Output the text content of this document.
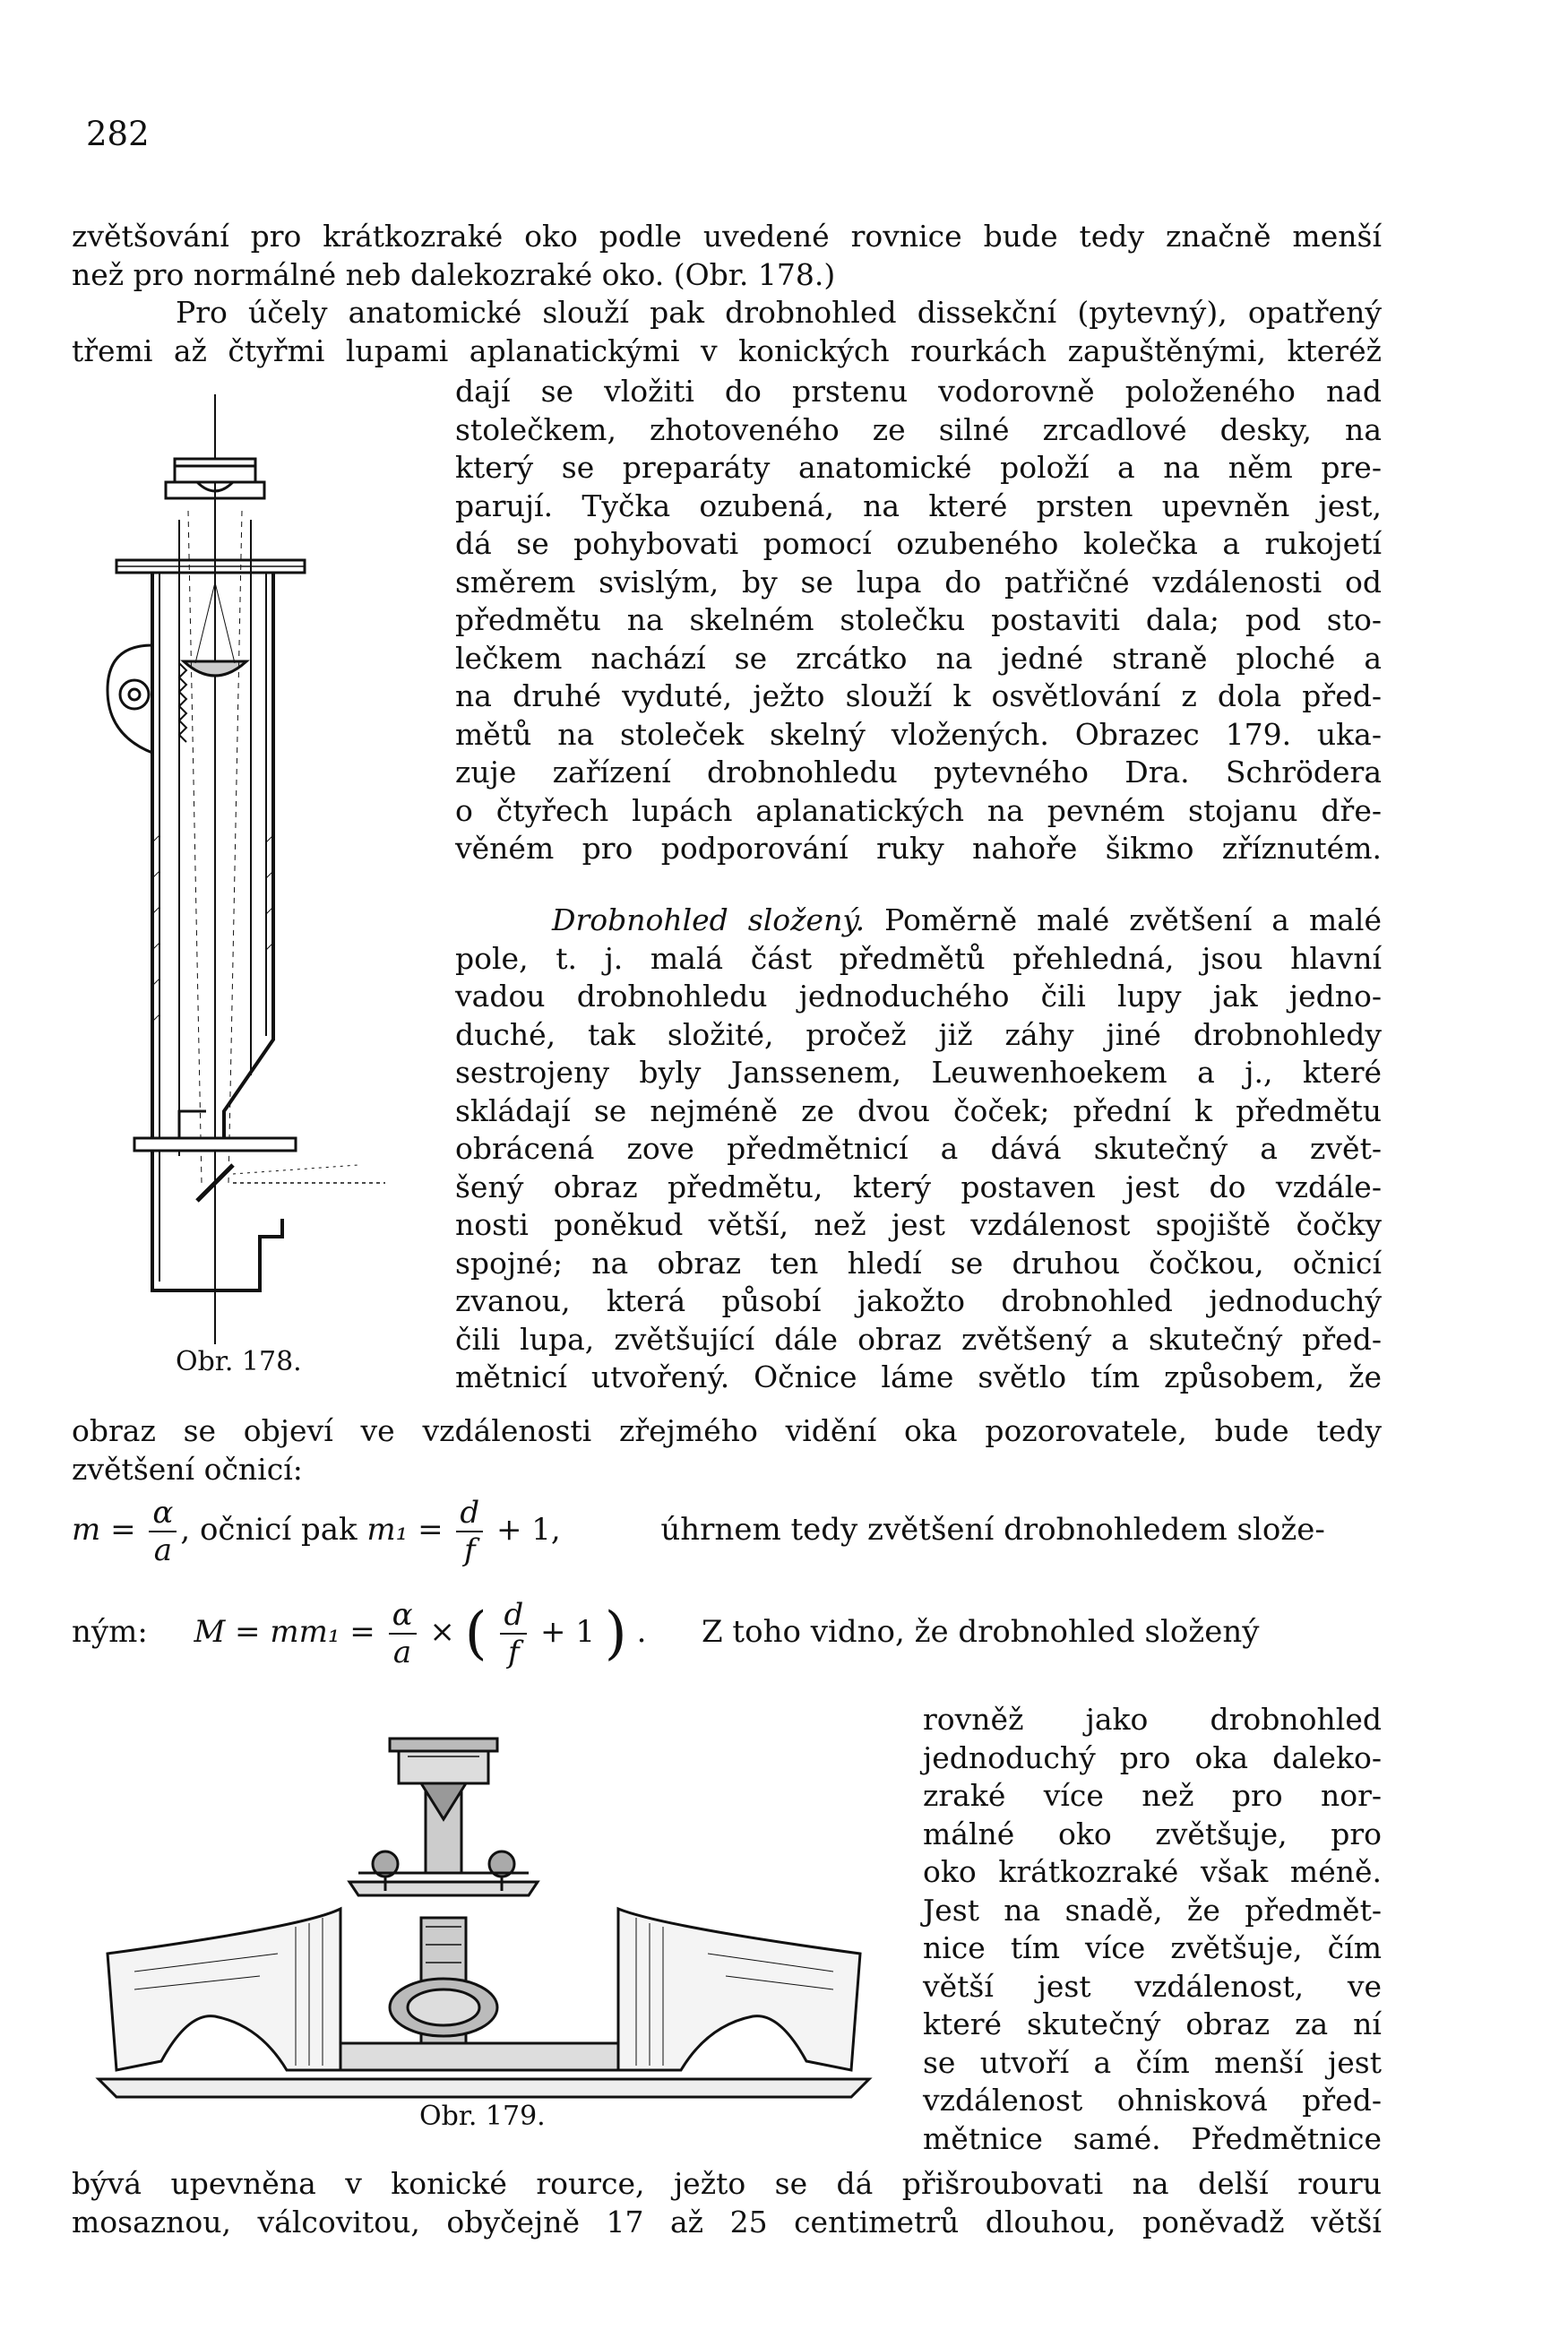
282

zvětšování pro krátkozraké oko podle uvedené rovnice bude tedy značně menší

než pro normálné neb dalekozraké oko. (Obr. 178.)

Pro účely anatomické slouží pak drobnohled dissekční (pytevný), opatřený

třemi až čtyřmi lupami aplanatickými v konických rourkách zapuštěnými, kteréž

Obr. 178.

dají se vložiti do prstenu vodorovně položeného nad

stolečkem, zhotoveného ze silné zrcadlové desky, na

který se preparáty anatomické položí a na něm pre-

parují. Tyčka ozubená, na které prsten upevněn jest,

dá se pohybovati pomocí ozubeného kolečka a rukojetí

směrem svislým, by se lupa do patřičné vzdálenosti od

předmětu na skelném stolečku postaviti dala; pod sto-

lečkem nachází se zrcátko na jedné straně ploché a

na druhé vyduté, ježto slouží k osvětlování z dola před-

mětů na stoleček skelný vložených. Obrazec 179. uka-

zuje zařízení drobnohledu pytevného Dra. Schrödera

o čtyřech lupách aplanatických na pevném stojanu dře-

věném pro podporování ruky nahoře šikmo zříznutém.

Drobnohled složený. Poměrně malé zvětšení a malé

pole, t. j. malá část předmětů přehledná, jsou hlavní

vadou drobnohledu jednoduchého čili lupy jak jedno-

duché, tak složité, pročež již záhy jiné drobnohledy

sestrojeny byly Janssenem, Leuwenhoekem a j., které

skládají se nejméně ze dvou čoček; přední k předmětu

obrácená zove předmětnicí a dává skutečný a zvět-

šený obraz předmětu, který postaven jest do vzdále-

nosti poněkud větší, než jest vzdálenost spojiště čočky

spojné; na obraz ten hledí se druhou čočkou, očnicí

zvanou, která působí jakožto drobnohled jednoduchý

čili lupa, zvětšující dále obraz zvětšený a skutečný před-

mětnicí utvořený. Očnice láme světlo tím způsobem, že

obraz se objeví ve vzdálenosti zřejmého vidění oka pozorovatele, bude tedy

zvětšení očnicí:

$m = \frac{\alpha}{a}$ , očnicí pak $m_1 = \frac{d}{f} + 1$,	úhrnem tedy zvětšení drobnohledem slože-
ným: $M = mm_1 = \frac{\alpha}{a}$ × ( $\frac{d}{f} + 1$ ) . Z toho vidno, že drobnohled složený
Obr. 179.

rovněž jako drobnohled

jednoduchý pro oka daleko-

zraké více než pro nor-

málné oko zvětšuje, pro

oko krátkozraké však méně.

Jest na snadě, že předmět-

nice tím více zvětšuje, čím

větší jest vzdálenost, ve

které skutečný obraz za ní

se utvoří a čím menší jest

vzdálenost ohnisková před-

mětnice samé. Předmětnice

bývá upevněna v konické rource, ježto se dá přišroubovati na delší rouru

mosaznou, válcovitou, obyčejně 17 až 25 centimetrů dlouhou, poněvadž větší
